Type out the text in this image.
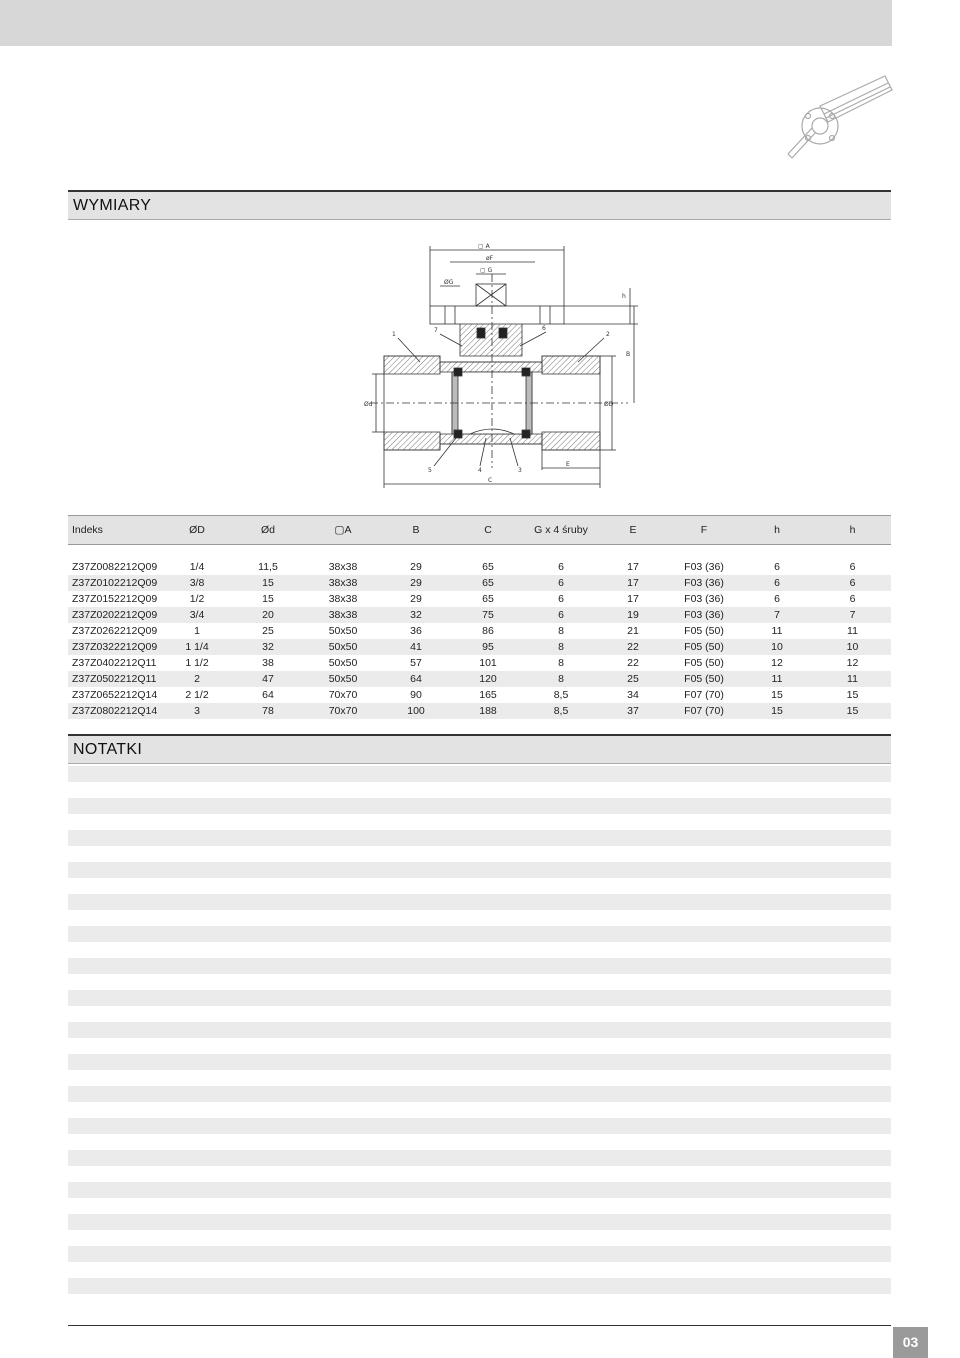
WYMIARY
▢ A
øF
▢ G
ØG
h
B
ØD
Ød
E
C
1	2
3
4
5
6
7
Indeks	ØD	Ød	▢A	B	C	G x 4 śruby	E	F	h	h

Z37Z0082212Q09	1/4	11,5	38x38	29	65	6	17	F03 (36)	6	6
Z37Z0102212Q09	3/8	15	38x38	29	65	6	17	F03 (36)	6	6
Z37Z0152212Q09	1/2	15	38x38	29	65	6	17	F03 (36)	6	6
Z37Z0202212Q09	3/4	20	38x38	32	75	6	19	F03 (36)	7	7
Z37Z0262212Q09	1	25	50x50	36	86	8	21	F05 (50)	11	11
Z37Z0322212Q09	1 1/4	32	50x50	41	95	8	22	F05 (50)	10	10
Z37Z0402212Q11	1 1/2	38	50x50	57	101	8	22	F05 (50)	12	12
Z37Z0502212Q11	2	47	50x50	64	120	8	25	F05 (50)	11	11
Z37Z0652212Q14	2 1/2	64	70x70	90	165	8,5	34	F07 (70)	15	15
Z37Z0802212Q14	3	78	70x70	100	188	8,5	37	F07 (70)	15	15
NOTATKI
03
